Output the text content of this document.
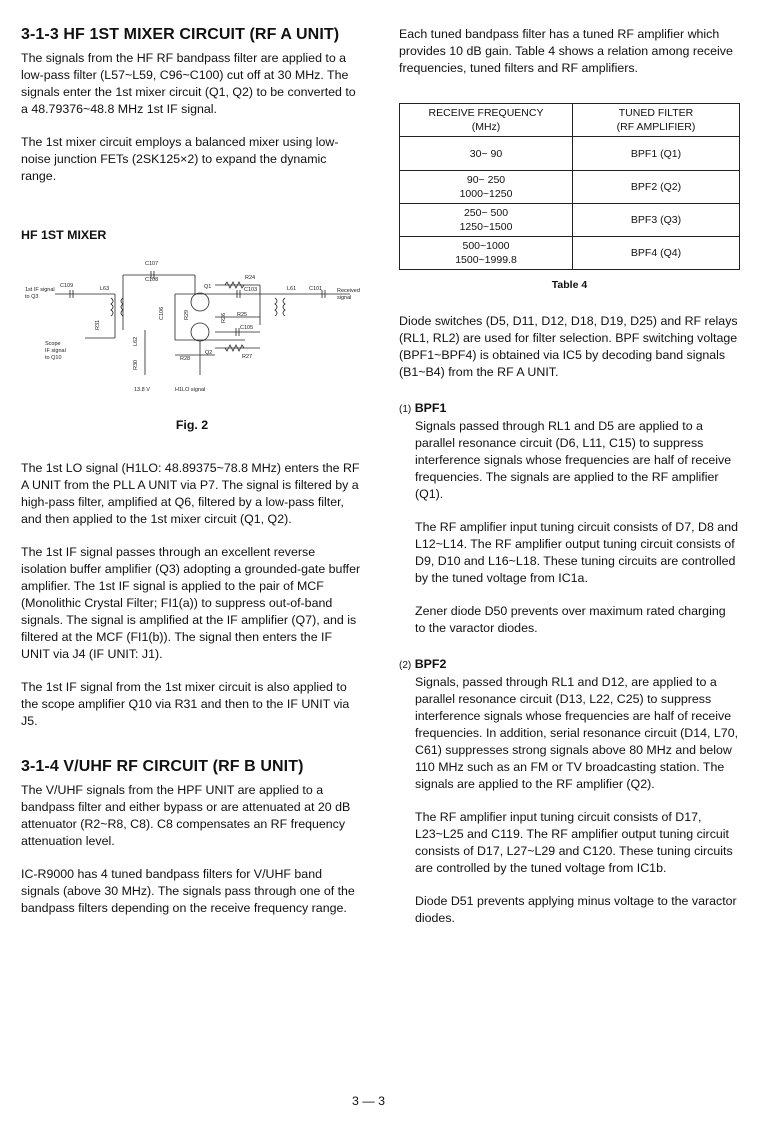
3-1-3 HF 1ST MIXER CIRCUIT (RF A UNIT)

The signals from the HF RF bandpass filter are applied to a low-pass filter (L57~L59, C96~C100) cut off at 30 MHz. The signals enter the 1st mixer circuit (Q1, Q2) to be converted to a 48.79376~48.8 MHz 1st IF signal.

The 1st mixer circuit employs a balanced mixer using low-noise junction FETs (2SK125×2) to expand the dynamic range.

HF 1ST MIXER
1st IF signal
to Q3
C109	L63
C107
C108
Q1
Q2
R24
C103	L61 C101	Received
signal
R25
R26
R29
C106
R31
L62
R30
R28
C105
R27
Scope
IF signal
to Q10
13.8 V	H1LO signal
Fig. 2

The 1st LO signal (H1LO: 48.89375~78.8 MHz) enters the RF A UNIT from the PLL A UNIT via P7. The signal is filtered by a high-pass filter, amplified at Q6, filtered by a low-pass filter, and then applied to the 1st mixer circuit (Q1, Q2).

The 1st IF signal passes through an excellent reverse isolation buffer amplifier (Q3) adopting a grounded-gate buffer amplifier. The 1st IF signal is applied to the pair of MCF (Monolithic Crystal Filter; FI1(a)) to suppress out-of-band signals. The signal is amplified at the IF amplifier (Q7), and is filtered at the MCF (FI1(b)). The signal then enters the IF UNIT via J4 (IF UNIT: J1).

The 1st IF signal from the 1st mixer circuit is also applied to the scope amplifier Q10 via R31 and then to the IF UNIT via J5.

3-1-4 V/UHF RF CIRCUIT (RF B UNIT)

The V/UHF signals from the HPF UNIT are applied to a bandpass filter and either bypass or are attenuated at 20 dB attenuator (R2~R8, C8). C8 compensates an RF frequency attenuation level.

IC-R9000 has 4 tuned bandpass filters for V/UHF band signals (above 30 MHz). The signals pass through one of the bandpass filters depending on the receive frequency range.

Each tuned bandpass filter has a tuned RF amplifier which provides 10 dB gain. Table 4 shows a relation among receive frequencies, tuned filters and RF amplifiers.

RECEIVE FREQUENCY
(MHz)	TUNED FILTER
(RF AMPLIFIER)
30~ 90	BPF1 (Q1)
90~ 250
1000~1250	BPF2 (Q2)
250~ 500
1250~1500	BPF3 (Q3)
500~1000
1500~1999.8	BPF4 (Q4)
Table 4

Diode switches (D5, D11, D12, D18, D19, D25) and RF relays (RL1, RL2) are used for filter selection. BPF switching voltage (BPF1~BPF4) is obtained via IC5 by decoding band signals (B1~B4) from the RF A UNIT.

(1) BPF1

Signals passed through RL1 and D5 are applied to a parallel resonance circuit (D6, L11, C15) to suppress interference signals whose frequencies are half of receive frequencies. The signals are applied to the RF amplifier (Q1).

The RF amplifier input tuning circuit consists of D7, D8 and L12~L14. The RF amplifier output tuning circuit consists of D9, D10 and L16~L18. These tuning circuits are controlled by the tuned voltage from IC1a.

Zener diode D50 prevents over maximum rated charging to the varactor diodes.

(2) BPF2

Signals, passed through RL1 and D12, are applied to a parallel resonance circuit (D13, L22, C25) to suppress interference signals whose frequencies are half of receive frequencies. In addition, serial resonance circuit (D14, L70, C61) suppresses strong signals above 80 MHz and below 110 MHz such as an FM or TV broadcasting station. The signals are applied to the RF amplifier (Q2).

The RF amplifier input tuning circuit consists of D17, L23~L25 and C119. The RF amplifier output tuning circuit consists of D17, L27~L29 and C120. These tuning circuits are controlled by the tuned voltage from IC1b.

Diode D51 prevents applying minus voltage to the varactor diodes.

3 — 3
